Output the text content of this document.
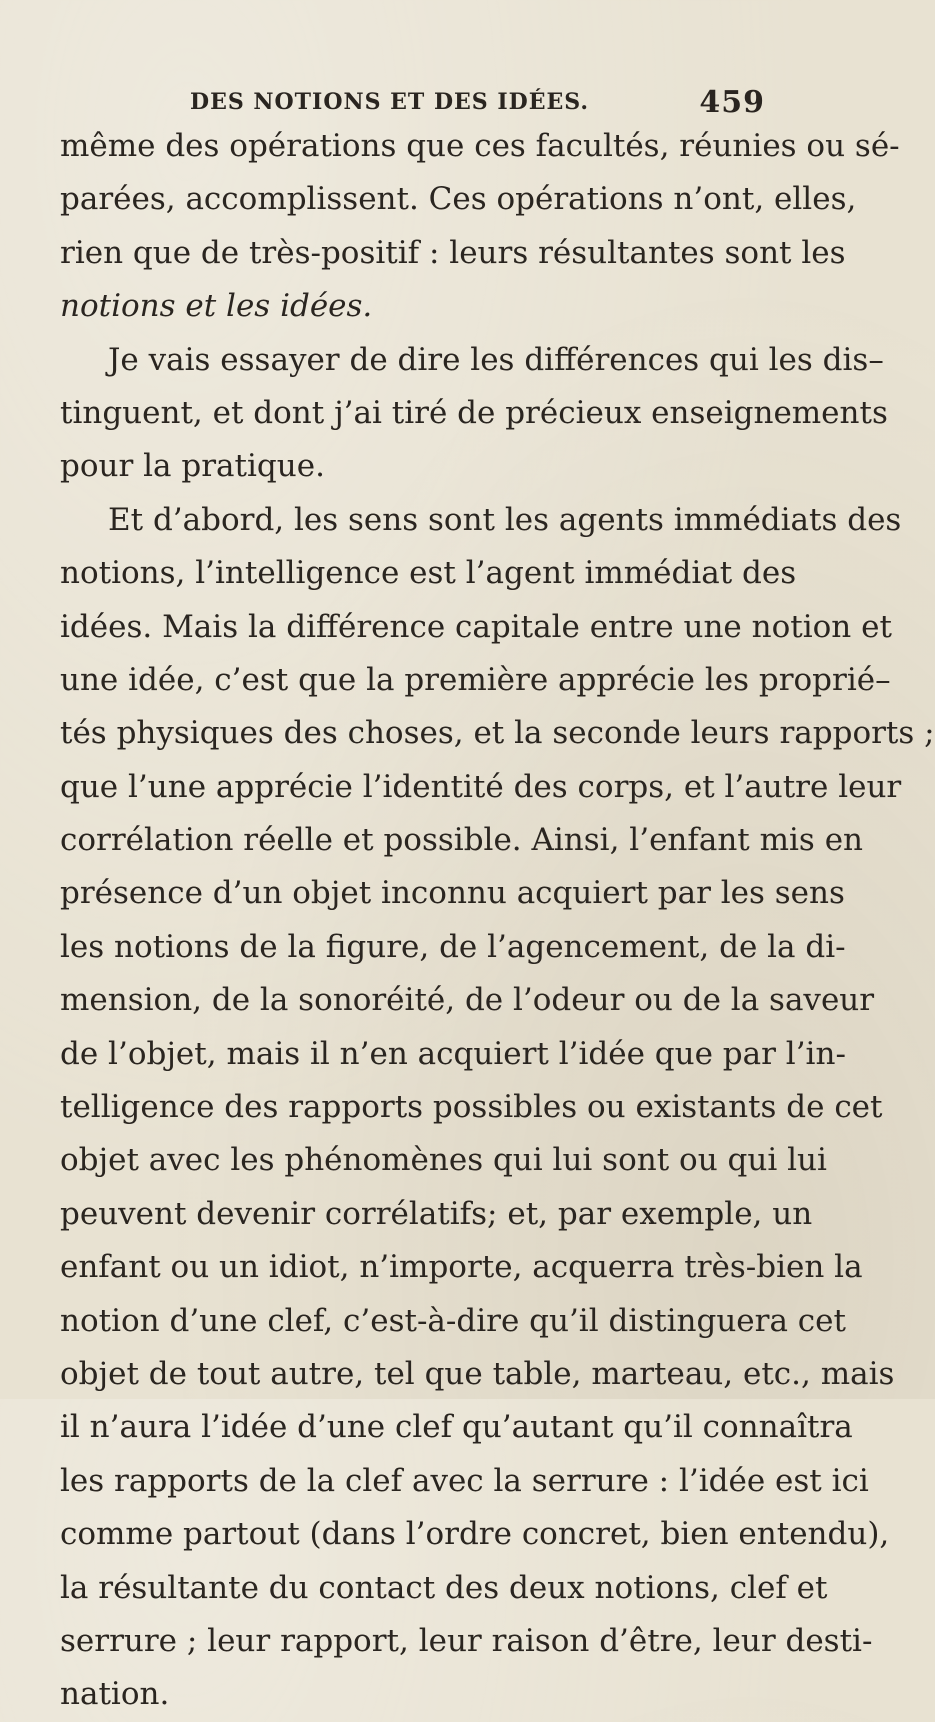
DES NOTIONS ET DES IDÉES.	459
même des opérations que ces facultés, réunies ou sé-
parées, accomplissent. Ces opérations n’ont, elles,
rien que de très-positif : leurs résultantes sont les
notions et les idées.
Je vais essayer de dire les différences qui les dis–
tinguent, et dont j’ai tiré de précieux enseignements
pour la pratique.
Et d’abord, les sens sont les agents immédiats des
notions, l’intelligence est l’agent immédiat des
idées. Mais la différence capitale entre une notion et
une idée, c’est que la première apprécie les proprié–
tés physiques des choses, et la seconde leurs rapports ;
que l’une apprécie l’identité des corps, et l’autre leur
corrélation réelle et possible. Ainsi, l’enfant mis en
présence d’un objet inconnu acquiert par les sens
les notions de la figure, de l’agencement, de la di-
mension, de la sonoréité, de l’odeur ou de la saveur
de l’objet, mais il n’en acquiert l’idée que par l’in-
telligence des rapports possibles ou existants de cet
objet avec les phénomènes qui lui sont ou qui lui
peuvent devenir corrélatifs; et, par exemple, un
enfant ou un idiot, n’importe, acquerra très-bien la
notion d’une clef, c’est-à-dire qu’il distinguera cet
objet de tout autre, tel que table, marteau, etc., mais
il n’aura l’idée d’une clef qu’autant qu’il connaîtra
les rapports de la clef avec la serrure : l’idée est ici
comme partout (dans l’ordre concret, bien entendu),
la résultante du contact des deux notions, clef et
serrure ; leur rapport, leur raison d’être, leur desti-
nation.
